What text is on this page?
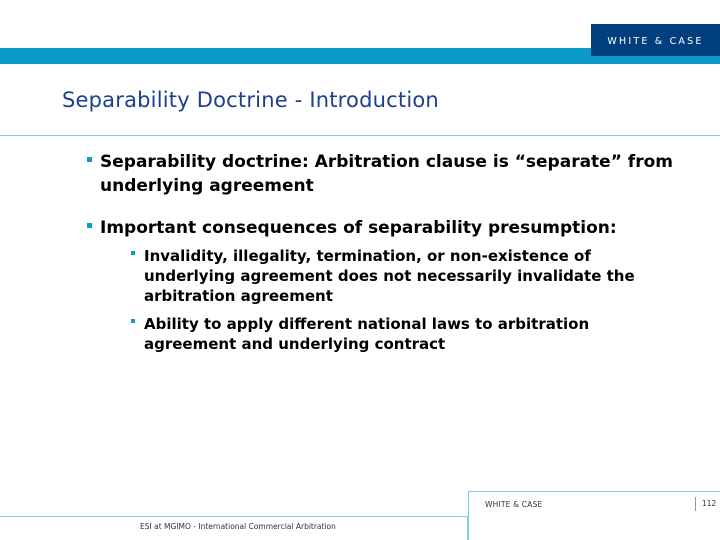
WHITE & CASE
Separability Doctrine - Introduction
Separability doctrine: Arbitration clause is “separate” from underlying agreement
Important consequences of separability presumption:
Invalidity, illegality, termination, or non-existence of underlying agreement does not necessarily invalidate the arbitration agreement
Ability to apply different national laws to arbitration agreement and underlying contract
WHITE & CASE	112
ESI at MGIMO - International Commercial Arbitration
